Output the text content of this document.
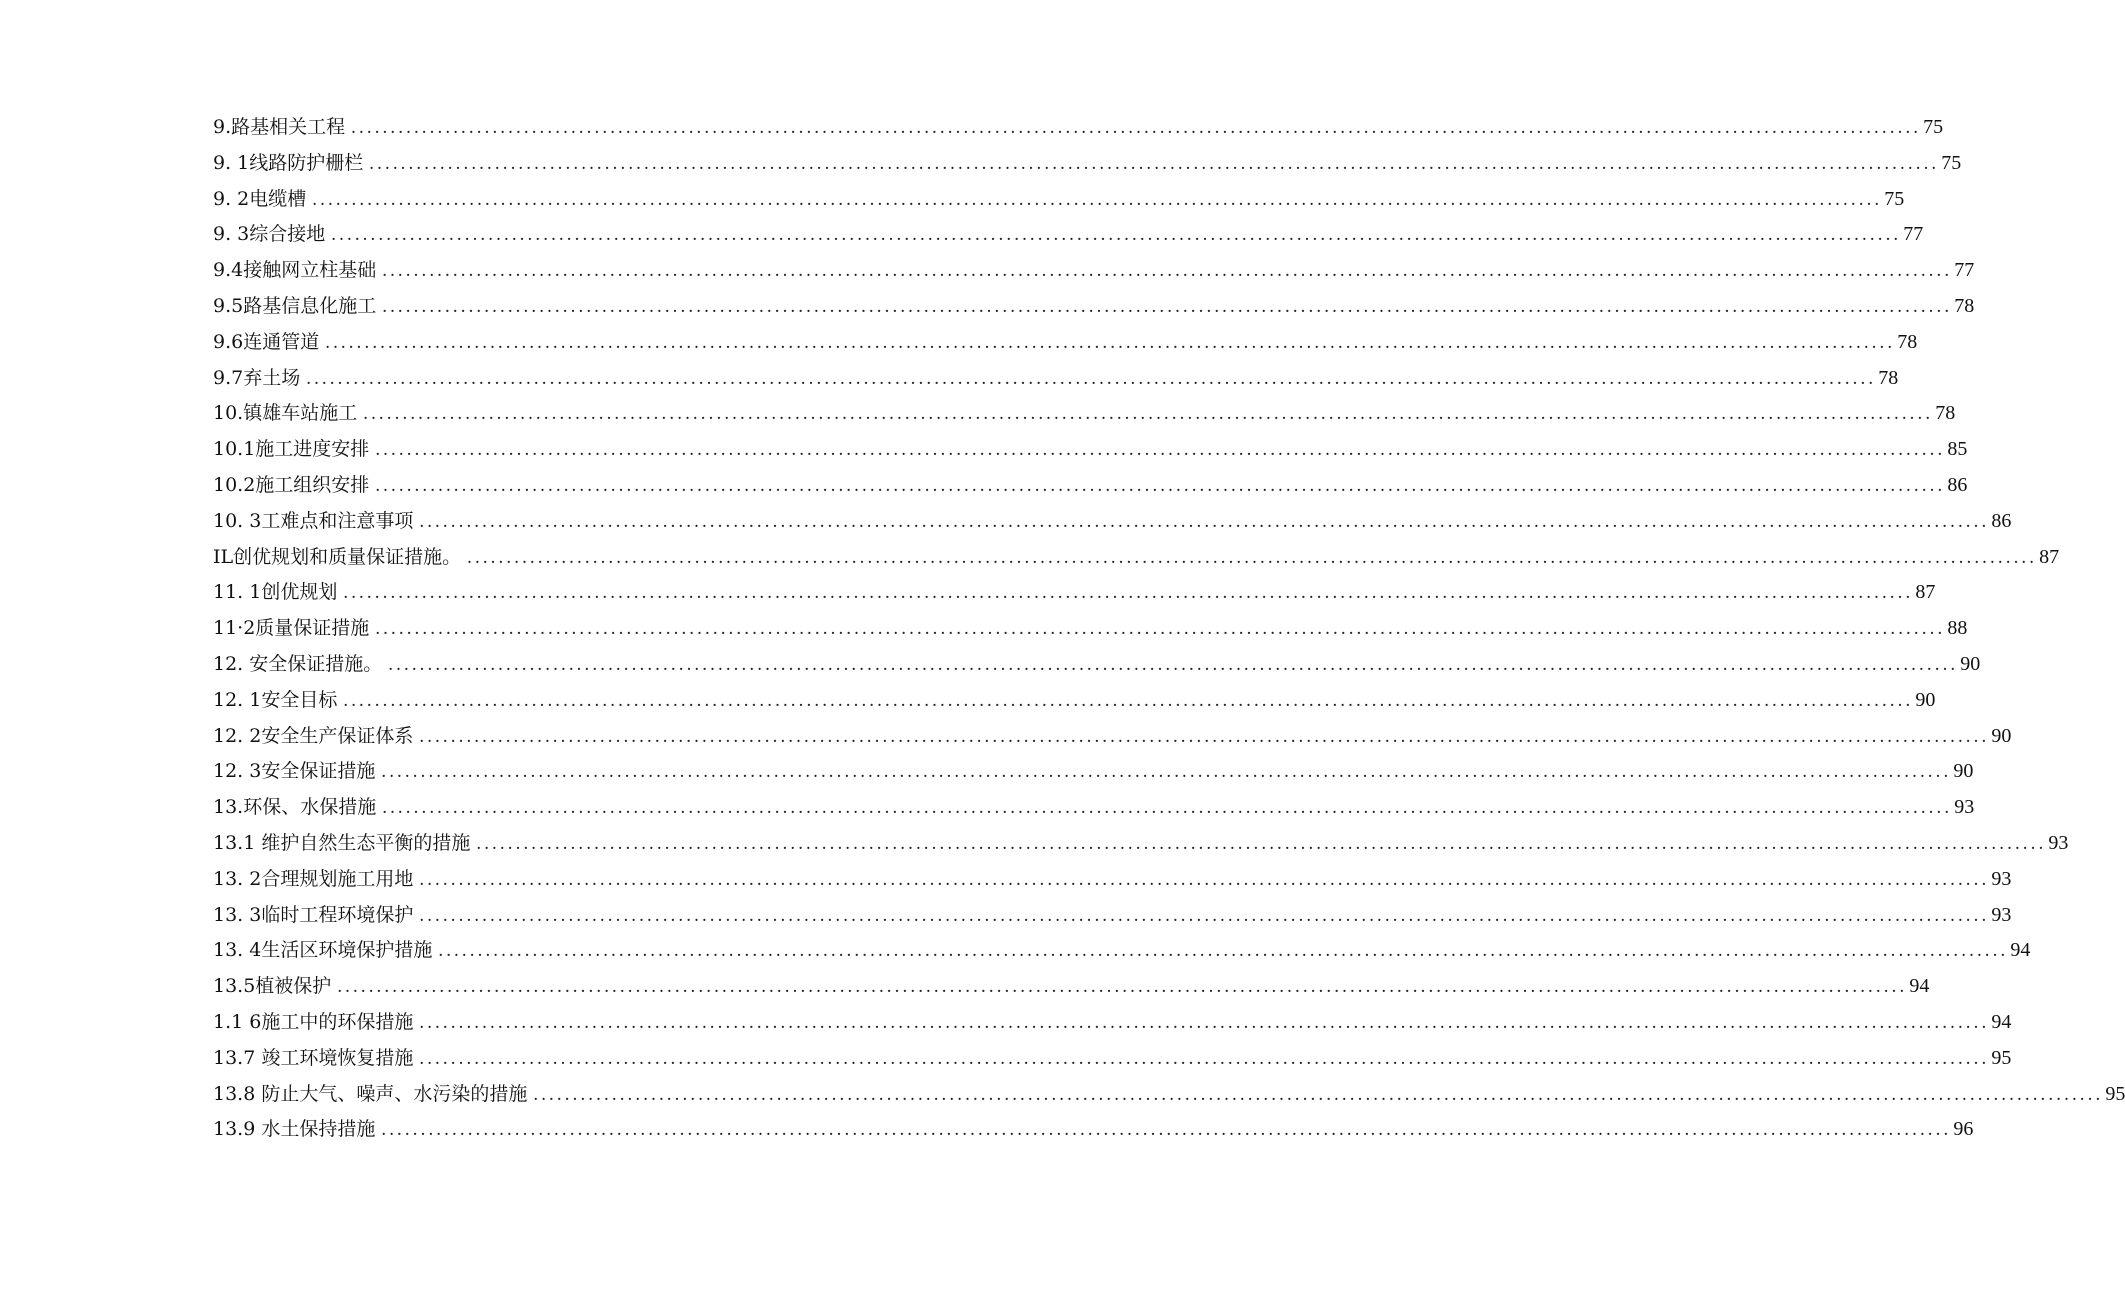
9.路基相关工程 ........................................................................................................................................................................................................ 75
9. 1线路防护栅栏 ........................................................................................................................................................................................................ 75
9. 2电缆槽 ........................................................................................................................................................................................................ 75
9. 3综合接地 ........................................................................................................................................................................................................ 77
9.4接触网立柱基础 ........................................................................................................................................................................................................ 77
9.5路基信息化施工 ........................................................................................................................................................................................................ 78
9.6连通管道 ........................................................................................................................................................................................................ 78
9.7弃土场 ........................................................................................................................................................................................................ 78
10.镇雄车站施工 ........................................................................................................................................................................................................ 78
10.1施工进度安排 ........................................................................................................................................................................................................ 85
10.2施工组织安排 ........................................................................................................................................................................................................ 86
10. 3工难点和注意事项 ........................................................................................................................................................................................................ 86
IL创优规划和质量保证措施。 ........................................................................................................................................................................................................ 87
11. 1创优规划 ........................................................................................................................................................................................................ 87
11·2质量保证措施 ........................................................................................................................................................................................................ 88
12. 安全保证措施。 ........................................................................................................................................................................................................ 90
12. 1安全目标 ........................................................................................................................................................................................................ 90
12. 2安全生产保证体系 ........................................................................................................................................................................................................ 90
12. 3安全保证措施 ........................................................................................................................................................................................................ 90
13.环保、水保措施 ........................................................................................................................................................................................................ 93
13.1 维护自然生态平衡的措施 ........................................................................................................................................................................................................ 93
13. 2合理规划施工用地 ........................................................................................................................................................................................................ 93
13. 3临时工程环境保护 ........................................................................................................................................................................................................ 93
13. 4生活区环境保护措施 ........................................................................................................................................................................................................ 94
13.5植被保护 ........................................................................................................................................................................................................ 94
1.1 6施工中的环保措施 ........................................................................................................................................................................................................ 94
13.7 竣工环境恢复措施 ........................................................................................................................................................................................................ 95
13.8 防止大气、噪声、水污染的措施 ........................................................................................................................................................................................................ 95
13.9 水土保持措施 ........................................................................................................................................................................................................ 96
